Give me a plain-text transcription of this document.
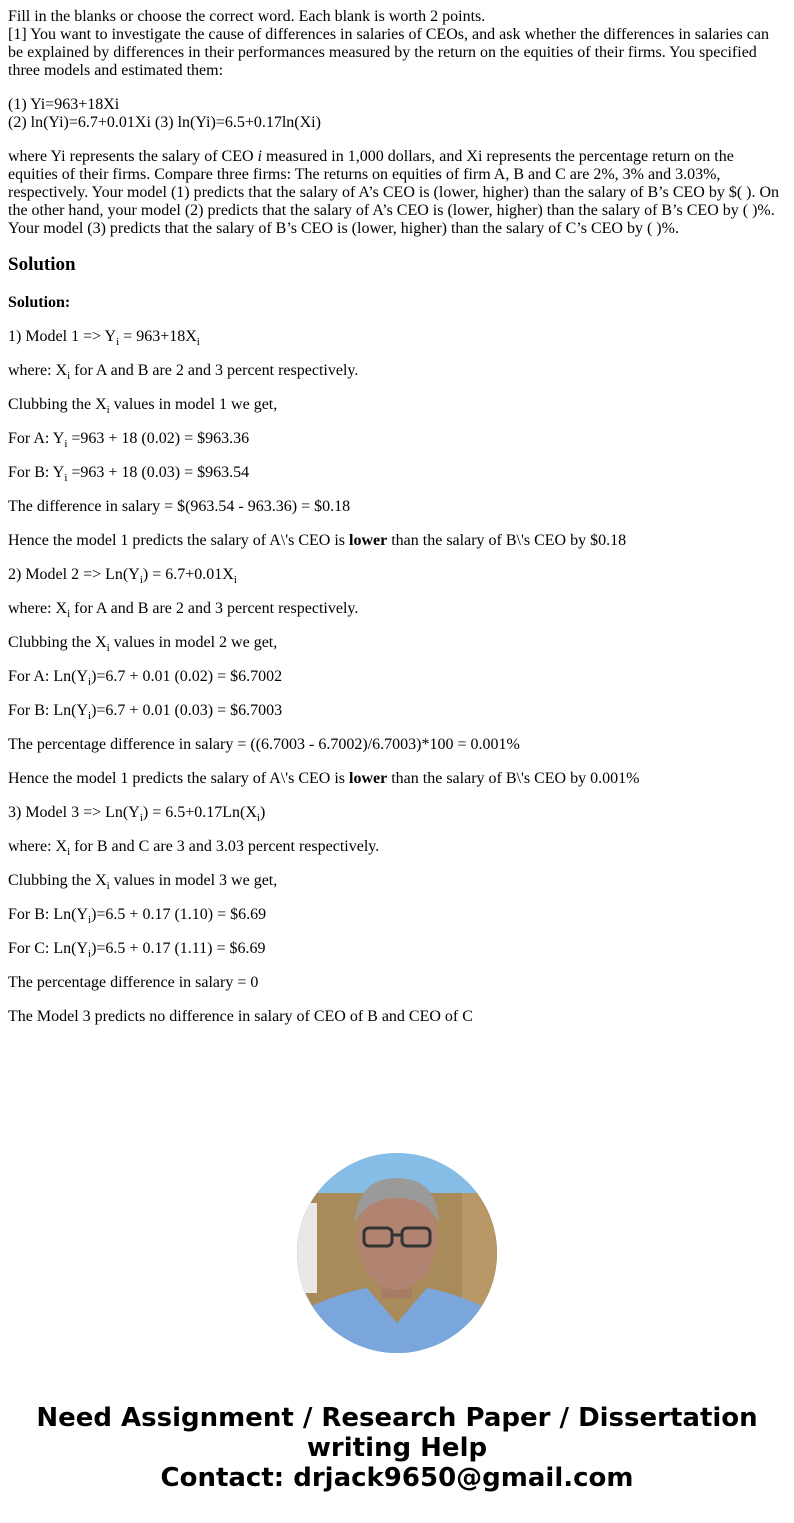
Fill in the blanks or choose the correct word. Each blank is worth 2 points.

[1] You want to investigate the cause of differences in salaries of CEOs, and ask whether the differences in salaries can be explained by differences in their performances measured by the return on the equities of their firms. You specified three models and estimated them:

(1) Yi=963+18Xi
(2) ln(Yi)=6.7+0.01Xi (3) ln(Yi)=6.5+0.17ln(Xi)

where Yi represents the salary of CEO i measured in 1,000 dollars, and Xi represents the percentage return on the equities of their firms. Compare three firms: The returns on equities of firm A, B and C are 2%, 3% and 3.03%, respectively. Your model (1) predicts that the salary of A’s CEO is (lower, higher) than the salary of B’s CEO by $( ). On the other hand, your model (2) predicts that the salary of A’s CEO is (lower, higher) than the salary of B’s CEO by ( )%. Your model (3) predicts that the salary of B’s CEO is (lower, higher) than the salary of C’s CEO by ( )%.

Solution

Solution:

1) Model $1 => Y_i = 963+18X_i$

where: $X_i$ for A and B are 2 and 3 percent respectively.

Clubbing the $X_i$ values in model 1 we get,

For A: $Y_i =963 + 18$ (0.02) = $963.36

For B: $Y_i =963 + 18$ (0.03) = $963.54

The difference in salary = $(963.54 - 963.36) = $0.18

Hence the model 1 predicts the salary of A\'s CEO is lower than the salary of B\'s CEO by $0.18

2) Model $2 => Ln(Y_i) = 6.7+0.01X_i$

where: $X_i$ for A and B are 2 and 3 percent respectively.

Clubbing the $X_i$ values in model 2 we get,

For A: $Ln(Y_i)=6.7 + 0.01$ (0.02) = $6.7002

For B: $Ln(Y_i)=6.7 + 0.01$ (0.03) = $6.7003

The percentage difference in salary = ((6.7003 - 6.7002)/6.7003)*100 = 0.001%

Hence the model 1 predicts the salary of A\'s CEO is lower than the salary of B\'s CEO by 0.001%

3) Model $3 => Ln(Y_i) = 6.5+0.17Ln(X_i)$

where: $X_i$ for B and C are 3 and 3.03 percent respectively.

Clubbing the $X_i$ values in model 3 we get,

For B: $Ln(Y_i)=6.5 + 0.17$ (1.10) = $6.69

For C: $Ln(Y_i)=6.5 + 0.17$ (1.11) = $6.69

The percentage difference in salary = 0

The Model 3 predicts no difference in salary of CEO of B and CEO of C

Need Assignment / Research Paper / Dissertation
writing Help
Contact: drjack9650@gmail.com
